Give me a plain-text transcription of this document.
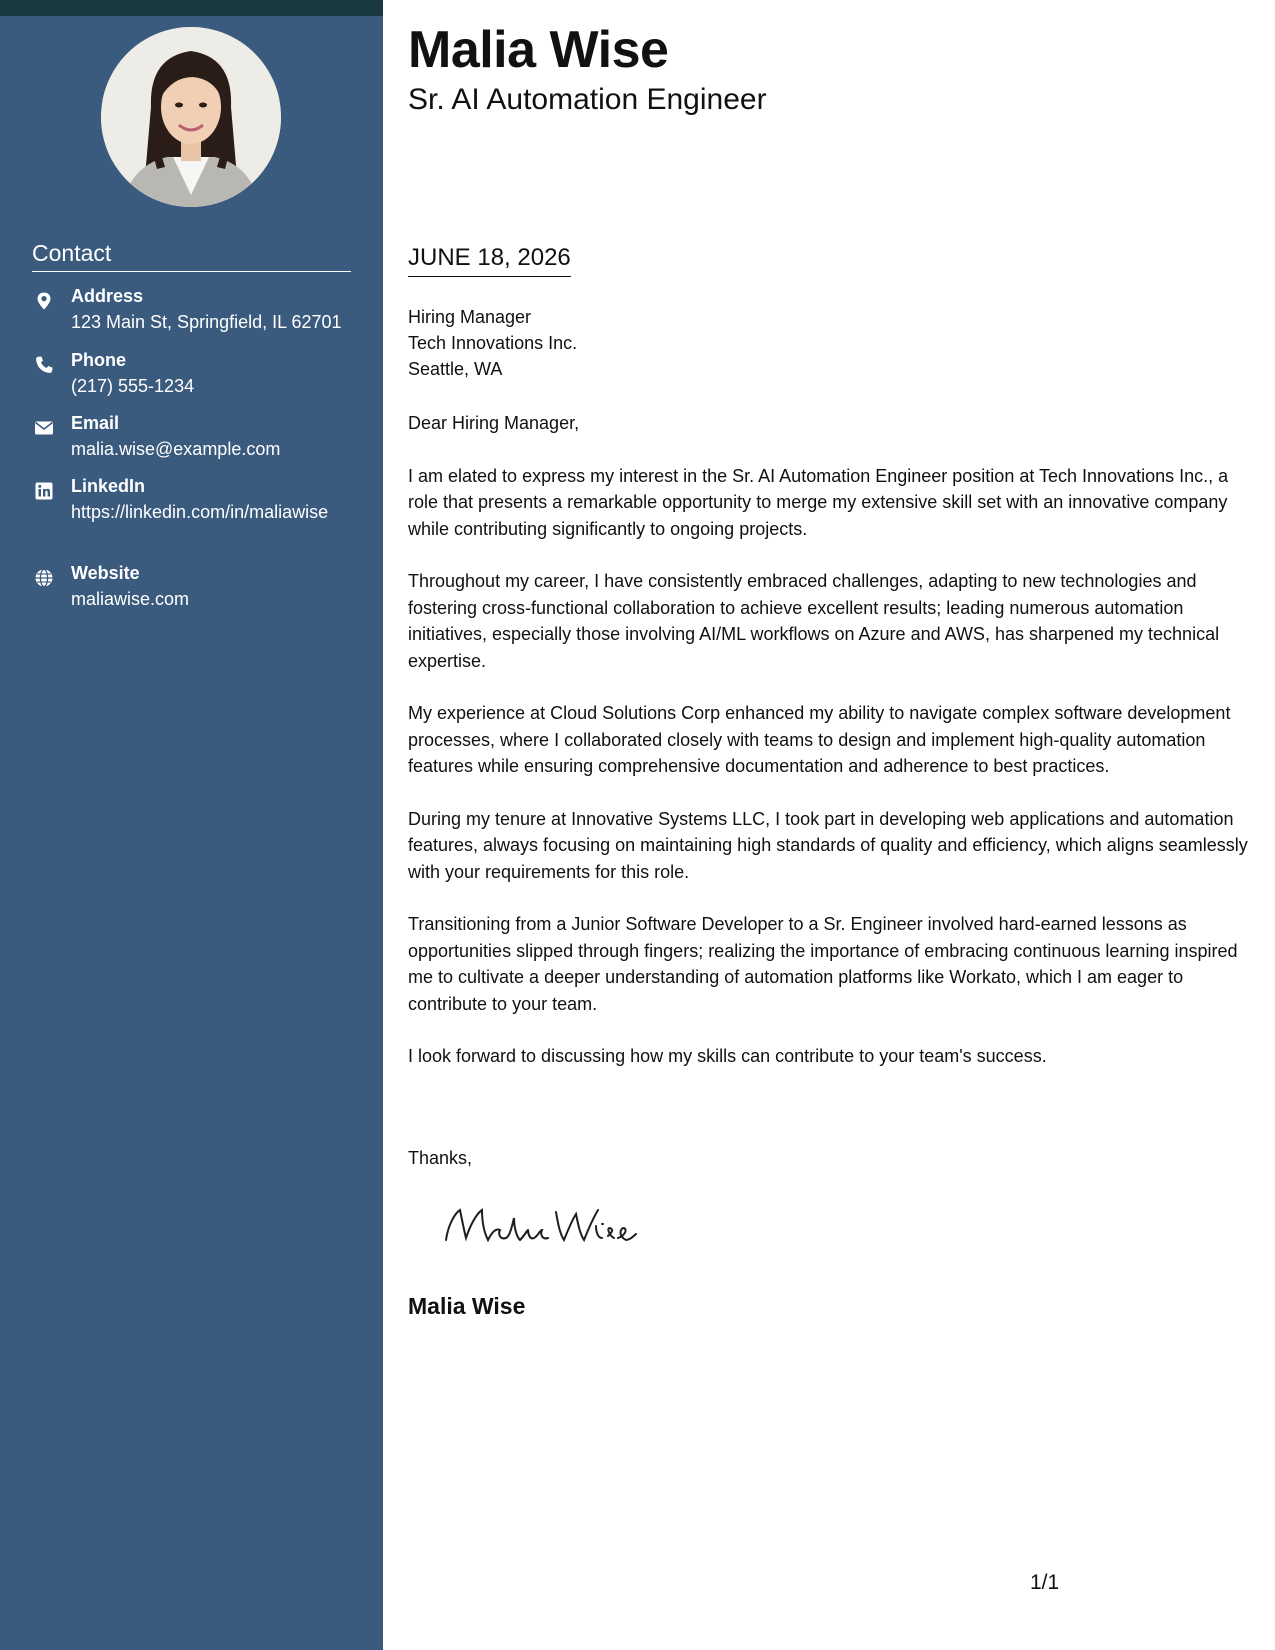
Contact
Address
123 Main St, Springfield, IL 62701
Phone
(217) 555-1234
Email
malia.wise@example.com
LinkedIn
https://linkedin.com/in/maliawise
Website
maliawise.com
Malia Wise
Sr. AI Automation Engineer
JUNE 18, 2026
Hiring Manager
Tech Innovations Inc.
Seattle, WA

Dear Hiring Manager,

I am elated to express my interest in the Sr. AI Automation Engineer position at Tech Innovations Inc., a role that presents a remarkable opportunity to merge my extensive skill set with an innovative company while contributing significantly to ongoing projects.

Throughout my career, I have consistently embraced challenges, adapting to new technologies and fostering cross-functional collaboration to achieve excellent results; leading numerous automation initiatives, especially those involving AI/ML workflows on Azure and AWS, has sharpened my technical expertise.

My experience at Cloud Solutions Corp enhanced my ability to navigate complex software development processes, where I collaborated closely with teams to design and implement high-quality automation features while ensuring comprehensive documentation and adherence to best practices.

During my tenure at Innovative Systems LLC, I took part in developing web applications and automation features, always focusing on maintaining high standards of quality and efficiency, which aligns seamlessly with your requirements for this role.

Transitioning from a Junior Software Developer to a Sr. Engineer involved hard-earned lessons as opportunities slipped through fingers; realizing the importance of embracing continuous learning inspired me to cultivate a deeper understanding of automation platforms like Workato, which I am eager to contribute to your team.

I look forward to discussing how my skills can contribute to your team's success.

Thanks,
Malia Wise
1/1
